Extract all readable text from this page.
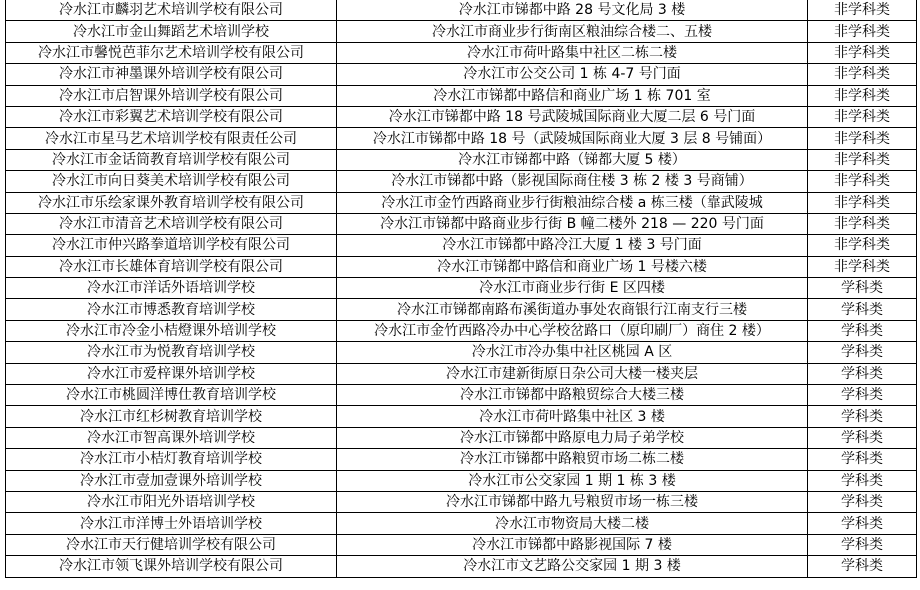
冷水江市麟羽艺术培训学校有限公司	冷水江市锑都中路 28 号文化局 3 楼	非学科类
冷水江市金山舞蹈艺术培训学校	冷水江市商业步行街南区粮油综合楼二、五楼	非学科类
冷水江市馨悦芭菲尔艺术培训学校有限公司	冷水江市荷叶路集中社区二栋二楼	非学科类
冷水江市神墨课外培训学校有限公司	冷水江市公交公司 1 栋 4-7 号门面	非学科类
冷水江市启智课外培训学校有限公司	冷水江市锑都中路信和商业广场 1 栋 701 室	非学科类
冷水江市彩翼艺术培训学校有限公司	冷水江市锑都中路 18 号武陵城国际商业大厦二层 6 号门面	非学科类
冷水江市星马艺术培训学校有限责任公司	冷水江市锑都中路 18 号（武陵城国际商业大厦 3 层 8 号铺面）	非学科类
冷水江市金话筒教育培训学校有限公司	冷水江市锑都中路（锑都大厦 5 楼）	非学科类
冷水江市向日葵美术培训学校有限公司	冷水江市锑都中路（影视国际商住楼 3 栋 2 楼 3 号商铺）	非学科类
冷水江市乐绘家课外教育培训学校有限公司	冷水江市金竹西路商业步行街粮油综合楼 a 栋三楼（靠武陵城	非学科类
冷水江市清音艺术培训学校有限公司	冷水江市锑都中路商业步行街 B 幢二楼外 218 — 220 号门面	非学科类
冷水江市仲兴路拳道培训学校有限公司	冷水江市锑都中路冷江大厦 1 楼 3 号门面	非学科类
冷水江市长雄体育培训学校有限公司	冷水江市锑都中路信和商业广场 1 号楼六楼	非学科类
冷水江市洋话外语培训学校	冷水江市商业步行街 E 区四楼	学科类
冷水江市博悉教育培训学校	冷水江市锑都南路布溪街道办事处农商银行江南支行三楼	学科类
冷水江市冷金小桔燈课外培训学校	冷水江市金竹西路冷办中心学校岔路口（原印刷厂）商住 2 楼）	学科类
冷水江市为悦教育培训学校	冷水江市冷办集中社区桃园 A 区	学科类
冷水江市爱梓课外培训学校	冷水江市建新街原日杂公司大楼一楼夹层	学科类
冷水江市桃圆洋博仕教育培训学校	冷水江市锑都中路粮贸综合大楼三楼	学科类
冷水江市红杉树教育培训学校	冷水江市荷叶路集中社区 3 楼	学科类
冷水江市智高课外培训学校	冷水江市锑都中路原电力局子弟学校	学科类
冷水江市小桔灯教育培训学校	冷水江市锑都中路粮贸市场二栋二楼	学科类
冷水江市壹加壹课外培训学校	冷水江市公交家园 1 期 1 栋 3 楼	学科类
冷水江市阳光外语培训学校	冷水江市锑都中路九号粮贸市场一栋三楼	学科类
冷水江市洋博士外语培训学校	冷水江市物资局大楼二楼	学科类
冷水江市天行健培训学校有限公司	冷水江市锑都中路影视国际 7 楼	学科类
冷水江市领飞课外培训学校有限公司	冷水江市文艺路公交家园 1 期 3 楼	学科类
